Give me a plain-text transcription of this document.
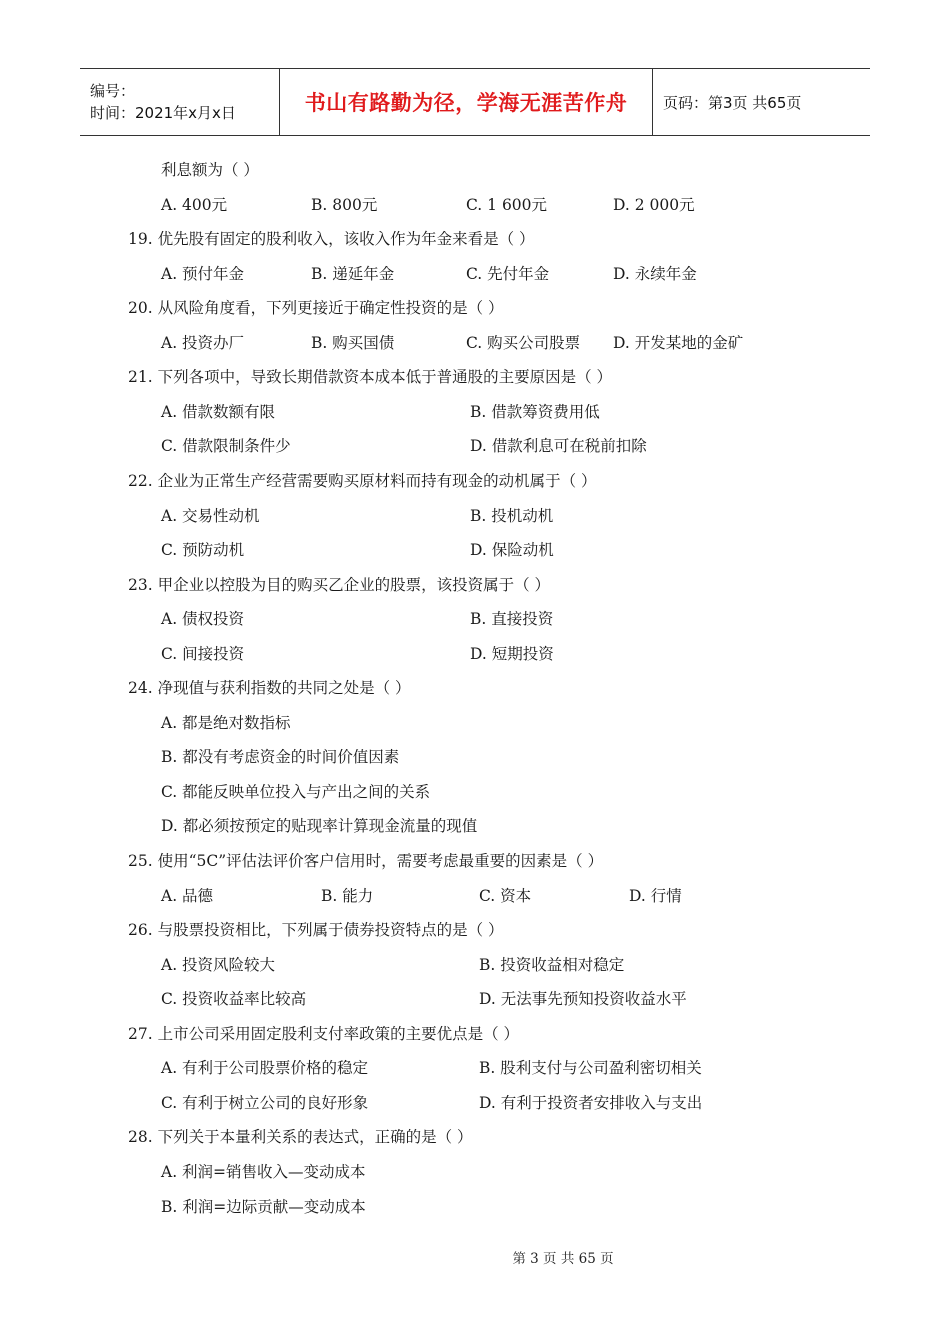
编号：
时间：2021年x月x日	书山有路勤为径，学海无涯苦作舟 页码：第3页 共65页
利息额为（ ）
A. 400元	B. 800元	C. 1 600元	D. 2 000元
19. 优先股有固定的股利收入，该收入作为年金来看是（ ）
A. 预付年金	B. 递延年金	C. 先付年金	D. 永续年金
20. 从风险角度看，下列更接近于确定性投资的是（ ）
A. 投资办厂	B. 购买国债	C. 购买公司股票 D. 开发某地的金矿
21. 下列各项中，导致长期借款资本成本低于普通股的主要原因是（ ）
A. 借款数额有限	B. 借款筹资费用低
C. 借款限制条件少	D. 借款利息可在税前扣除
22. 企业为正常生产经营需要购买原材料而持有现金的动机属于（ ）
A. 交易性动机	B. 投机动机
C. 预防动机	D. 保险动机
23. 甲企业以控股为目的购买乙企业的股票，该投资属于（ ）
A. 债权投资	B. 直接投资
C. 间接投资	D. 短期投资
24. 净现值与获利指数的共同之处是（ ）
A. 都是绝对数指标
B. 都没有考虑资金的时间价值因素
C. 都能反映单位投入与产出之间的关系
D. 都必须按预定的贴现率计算现金流量的现值
25. 使用“5C”评估法评价客户信用时，需要考虑最重要的因素是（ ）
A. 品德	B. 能力	C. 资本	D. 行情
26. 与股票投资相比，下列属于债券投资特点的是（ ）
A. 投资风险较大	B. 投资收益相对稳定
C. 投资收益率比较高	D. 无法事先预知投资收益水平
27. 上市公司采用固定股利支付率政策的主要优点是（ ）
A. 有利于公司股票价格的稳定	B. 股利支付与公司盈利密切相关
C. 有利于树立公司的良好形象	D. 有利于投资者安排收入与支出
28. 下列关于本量利关系的表达式，正确的是（ ）
A. 利润=销售收入—变动成本
B. 利润=边际贡献—变动成本
第 3 页 共 65 页
